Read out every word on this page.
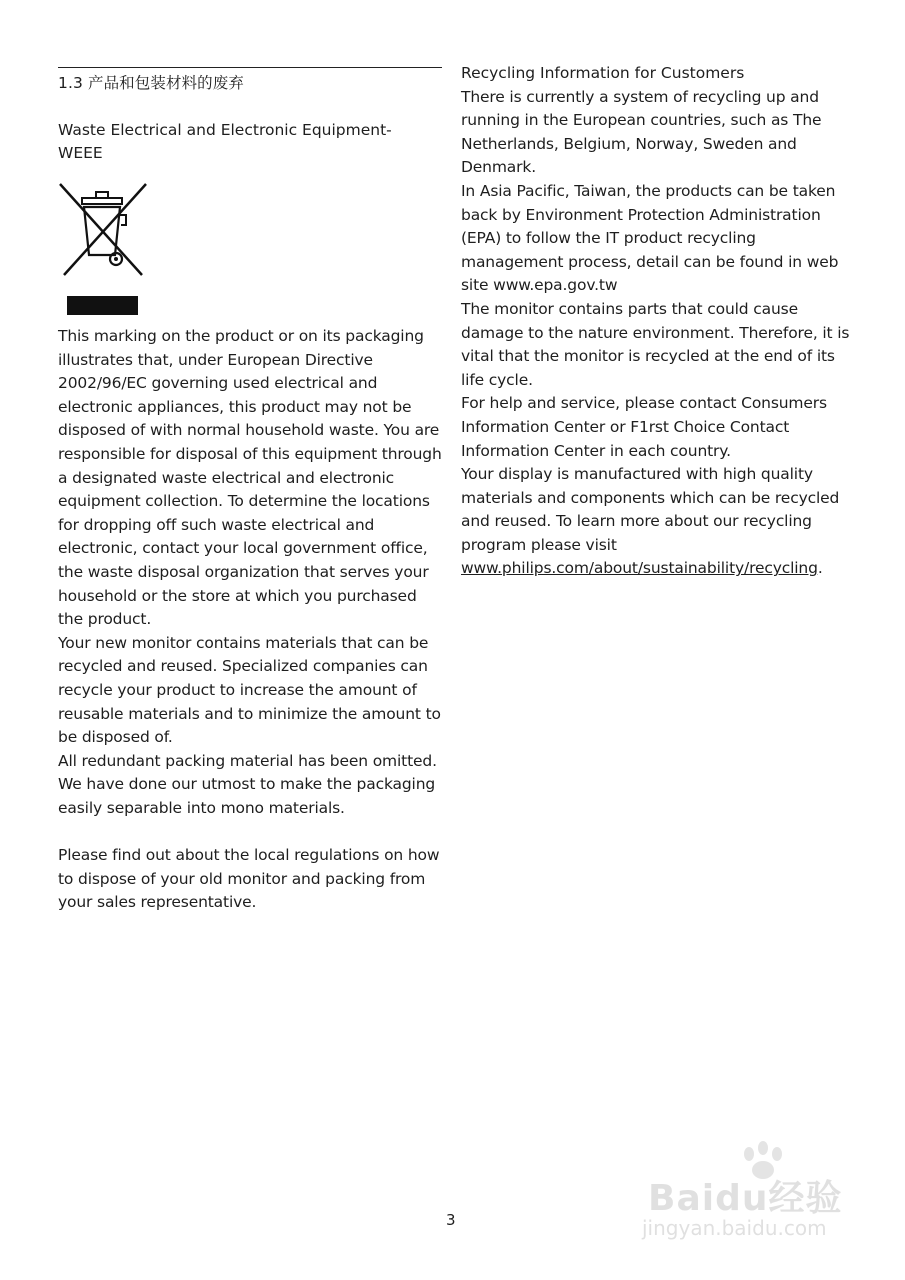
1.3 产品和包装材料的废弃
Waste Electrical and Electronic Equipment-
WEEE

This marking on the product or on its packaging illustrates that, under European Directive 2002/96/EC governing used electrical and electronic appliances, this product may not be disposed of with normal household waste. You are responsible for disposal of this equipment through a designated waste electrical and electronic equipment collection. To determine the locations for dropping off such waste electrical and electronic, contact your local government office, the waste disposal organization that serves your household or the store at which you purchased the product.

Your new monitor contains materials that can be recycled and reused. Specialized companies can recycle your product to increase the amount of reusable materials and to minimize the amount to be disposed of.

All redundant packing material has been omitted. We have done our utmost to make the packaging easily separable into mono materials.

Please find out about the local regulations on how to dispose of your old monitor and packing from your sales representative.

Recycling Information for Customers

There is currently a system of recycling up and running in the European countries, such as The Netherlands, Belgium, Norway, Sweden and Denmark.

In Asia Pacific, Taiwan, the products can be taken back by Environment Protection Administration (EPA) to follow the IT product recycling management process, detail can be found in web site www.epa.gov.tw

The monitor contains parts that could cause damage to the nature environment. Therefore, it is vital that the monitor is recycled at the end of its life cycle.

For help and service, please contact Consumers Information Center or F1rst Choice Contact Information Center in each country.

Your display is manufactured with high quality materials and components which can be recycled and reused. To learn more about our recycling program please visit

www.philips.com/about/sustainability/recycling.

3
Baidu经验
jingyan.baidu.com
